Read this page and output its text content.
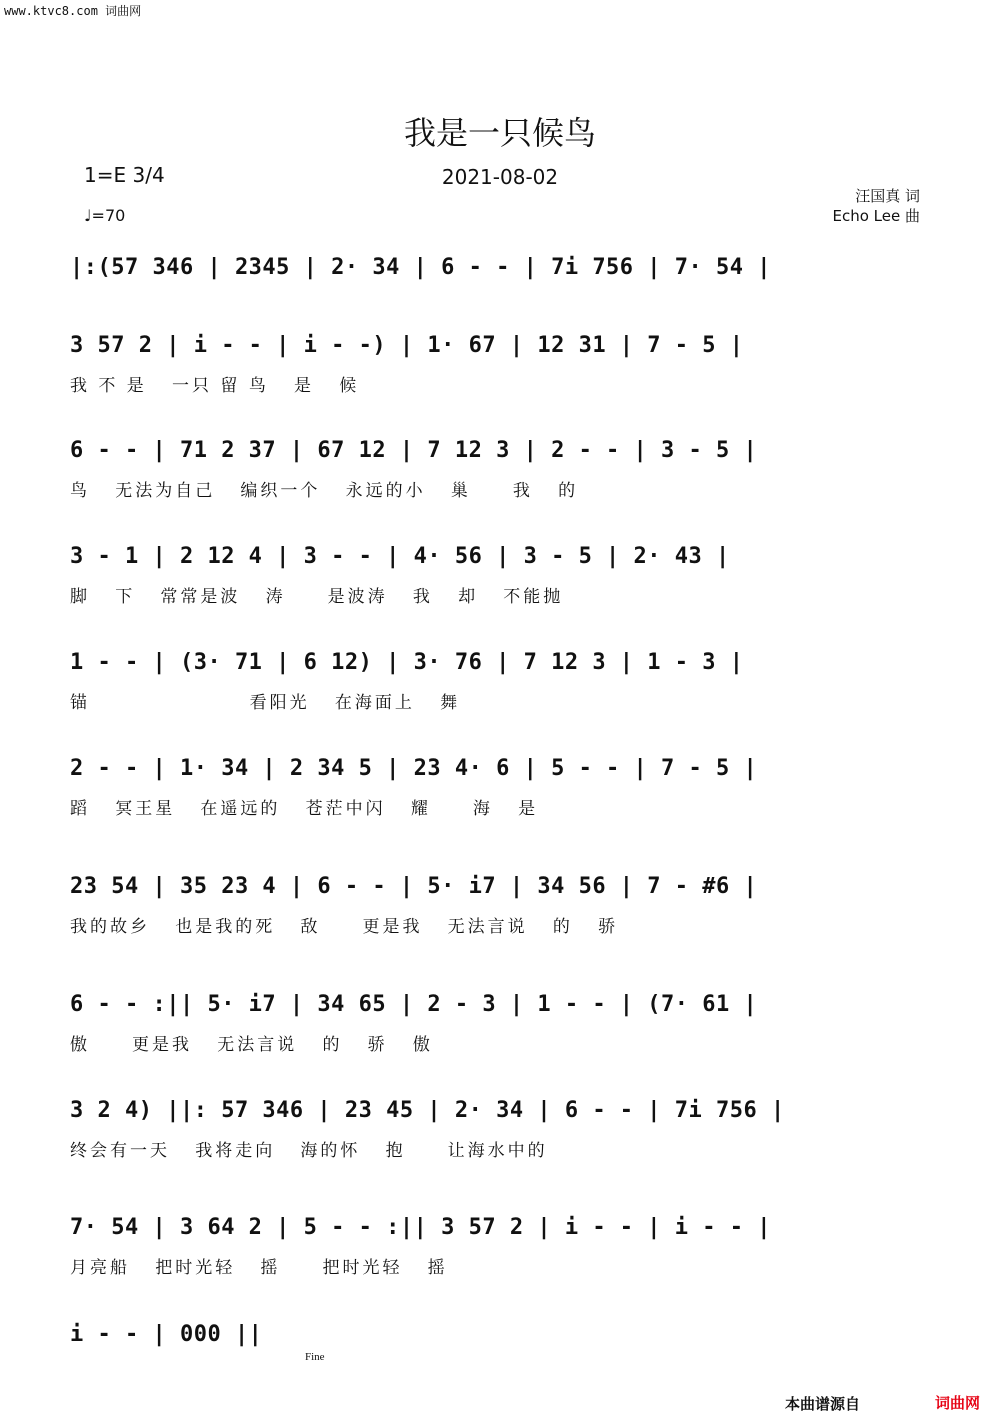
www.ktvc8.com 词曲网
我是一只候鸟
2021-08-02
1=E 3/4
♩=70
汪国真 词
Echo Lee 曲
|:(57 346 | 2345 | 2· 34 | 6 - - | 7i 756 | 7· 54 |
3 57 2 | i - - | i - -) | 1· 67 | 12 31 | 7 - 5 |
我 不 是   一只 留 鸟   是   候
6 - - | 71 2 37 | 67 12 | 7 12 3 | 2 - - | 3 - 5 |
鸟   无法为自己   编织一个   永远的小   巢     我   的
3 - 1 | 2 12 4 | 3 - - | 4· 56 | 3 - 5 | 2· 43 |
脚   下   常常是波   涛     是波涛   我   却   不能抛
1 - - | (3· 71 | 6 12) | 3· 76 | 7 12 3 | 1 - 3 |
锚                   看阳光   在海面上   舞
2 - - | 1· 34 | 2 34 5 | 23 4· 6 | 5 - - | 7 - 5 |
蹈   冥王星   在遥远的   苍茫中闪   耀     海   是
23 54 | 35 23 4 | 6 - - | 5· i7 | 34 56 | 7 - #6 |
我的故乡   也是我的死   敌     更是我   无法言说   的   骄
6 - - :|| 5· i7 | 34 65 | 2 - 3 | 1 - - | (7· 61 |
傲     更是我   无法言说   的   骄   傲
3 2 4) ||: 57 346 | 23 45 | 2· 34 | 6 - - | 7i 756 |
终会有一天   我将走向   海的怀   抱     让海水中的
7· 54 | 3 64 2 | 5 - - :|| 3 57 2 | i - - | i - - |
月亮船   把时光轻   摇     把时光轻   摇
i - - | 000 ||
Fine
本曲谱源自	词曲网
